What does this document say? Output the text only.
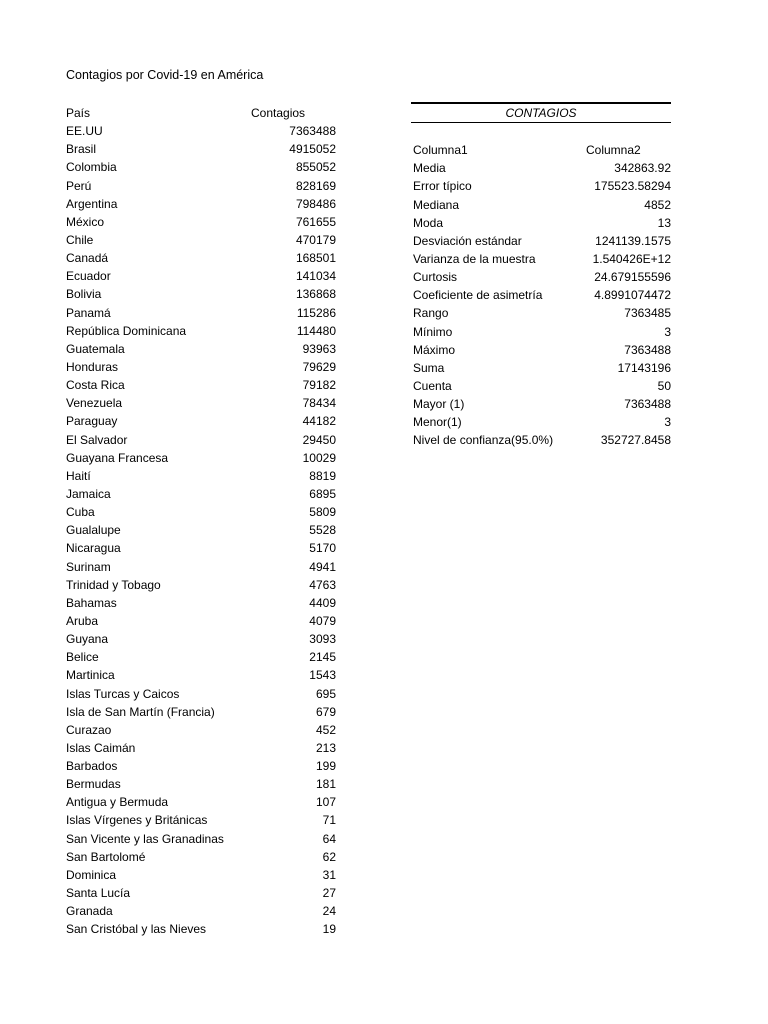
Contagios por Covid-19 en América
País	Contagios
EE.UU	7363488
Brasil	4915052
Colombia	855052
Perú	828169
Argentina	798486
México	761655
Chile	470179
Canadá	168501
Ecuador	141034
Bolivia	136868
Panamá	115286
República Dominicana	114480
Guatemala	93963
Honduras	79629
Costa Rica	79182
Venezuela	78434
Paraguay	44182
El Salvador	29450
Guayana Francesa	10029
Haití	8819
Jamaica	6895
Cuba	5809
Gualalupe	5528
Nicaragua	5170
Surinam	4941
Trinidad y Tobago	4763
Bahamas	4409
Aruba	4079
Guyana	3093
Belice	2145
Martinica	1543
Islas Turcas y Caicos	695
Isla de San Martín (Francia)	679
Curazao	452
Islas Caimán	213
Barbados	199
Bermudas	181
Antigua y Bermuda	107
Islas Vírgenes y Británicas	71
San Vicente y las Granadinas	64
San Bartolomé	62
Dominica	31
Santa Lucía	27
Granada	24
San Cristóbal y las Nieves	19
CONTAGIOS
Columna1	Columna2
Media	342863.92
Error típico	175523.58294
Mediana	4852
Moda	13
Desviación estándar	1241139.1575
Varianza de la muestra	1.540426E+12
Curtosis	24.679155596
Coeficiente de asimetría	4.8991074472
Rango	7363485
Mínimo	3
Máximo	7363488
Suma	17143196
Cuenta	50
Mayor (1)	7363488
Menor(1)	3
Nivel de confianza(95.0%)	352727.8458
